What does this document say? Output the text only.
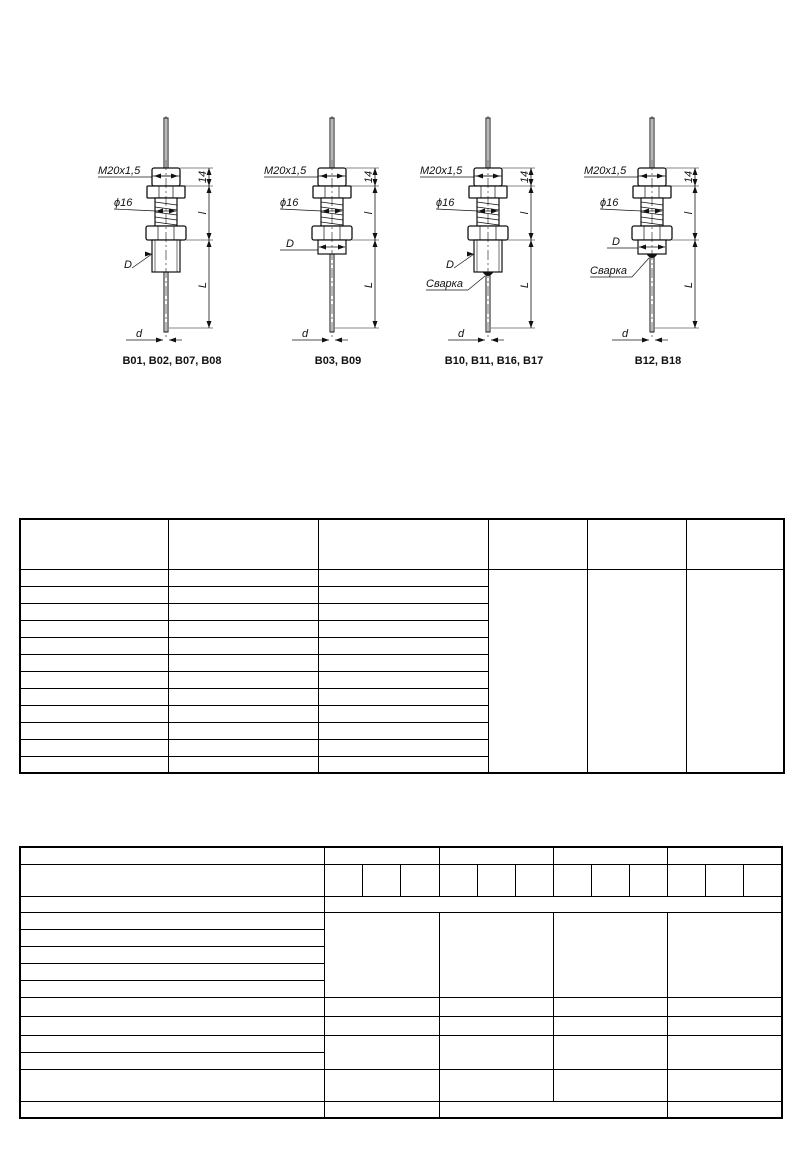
14
l
L
M20x1,5
ϕ16
D
d
B01, B02, B07, B08
14
l
L
M20x1,5
ϕ16
D
d
B03, B09
14
l
L
M20x1,5
ϕ16
D
Сварка
d
B10, B11, B16, B17
14
l
L
M20x1,5
ϕ16
D
Сварка
d
B12, B18
